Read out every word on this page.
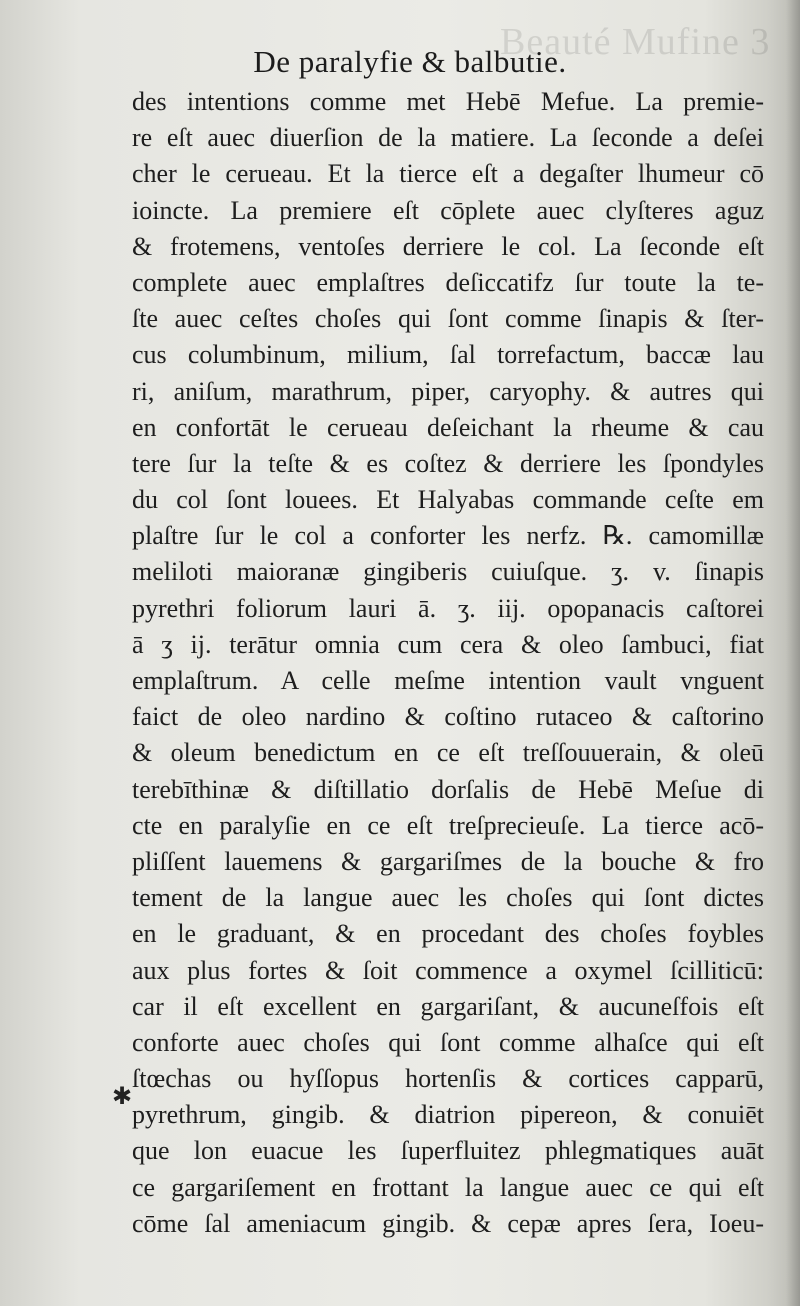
Beauté Mufine 3
De paralyfie & balbutie.
✱
des intentions comme met Hebē Mefue. La premie-
re eſt auec diuerſion de la matiere. La ſeconde a deſei
cher le cerueau. Et la tierce eſt a degaſter lhumeur cō
ioincte. La premiere eſt cōplete auec clyſteres aguz
& frotemens, ventoſes derriere le col. La ſeconde eſt
complete auec emplaſtres deſiccatifz ſur toute la te-
ſte auec ceſtes choſes qui ſont comme ſinapis & ſter-
cus columbinum, milium, ſal torrefactum, baccæ lau
ri, aniſum, marathrum, piper, caryophy. & autres qui
en confortāt le cerueau deſeichant la rheume & cau
tere ſur la teſte & es coſtez & derriere les ſpondyles
du col ſont louees. Et Halyabas commande ceſte em
plaſtre ſur le col a conforter les nerfz. ℞. camomillæ
meliloti maioranæ gingiberis cuiuſque. ʒ. v. ſinapis
pyrethri foliorum lauri ā. ʒ. iij. opopanacis caſtorei
ā ʒ ij. terātur omnia cum cera & oleo ſambuci, fiat
emplaſtrum. A celle meſme intention vault vnguent
faict de oleo nardino & coſtino rutaceo & caſtorino
& oleum benedictum en ce eſt treſſouuerain, & oleū
terebīthinæ & diſtillatio dorſalis de Hebē Meſue di
cte en paralyſie en ce eſt treſprecieuſe. La tierce acō-
pliſſent lauemens & gargariſmes de la bouche & fro
tement de la langue auec les choſes qui ſont dictes
en le graduant, & en procedant des choſes foybles
aux plus fortes & ſoit commence a oxymel ſcilliticū:
car il eſt excellent en gargariſant, & aucuneſfois eſt
conforte auec choſes qui ſont comme alhaſce qui eſt
ſtœchas ou hyſſopus hortenſis & cortices capparū,
pyrethrum, gingib. & diatrion pipereon, & conuiēt
que lon euacue les ſuperfluitez phlegmatiques auāt
ce gargariſement en frottant la langue auec ce qui eſt
cōme ſal ameniacum gingib. & cepæ apres ſera, Ioeu-
